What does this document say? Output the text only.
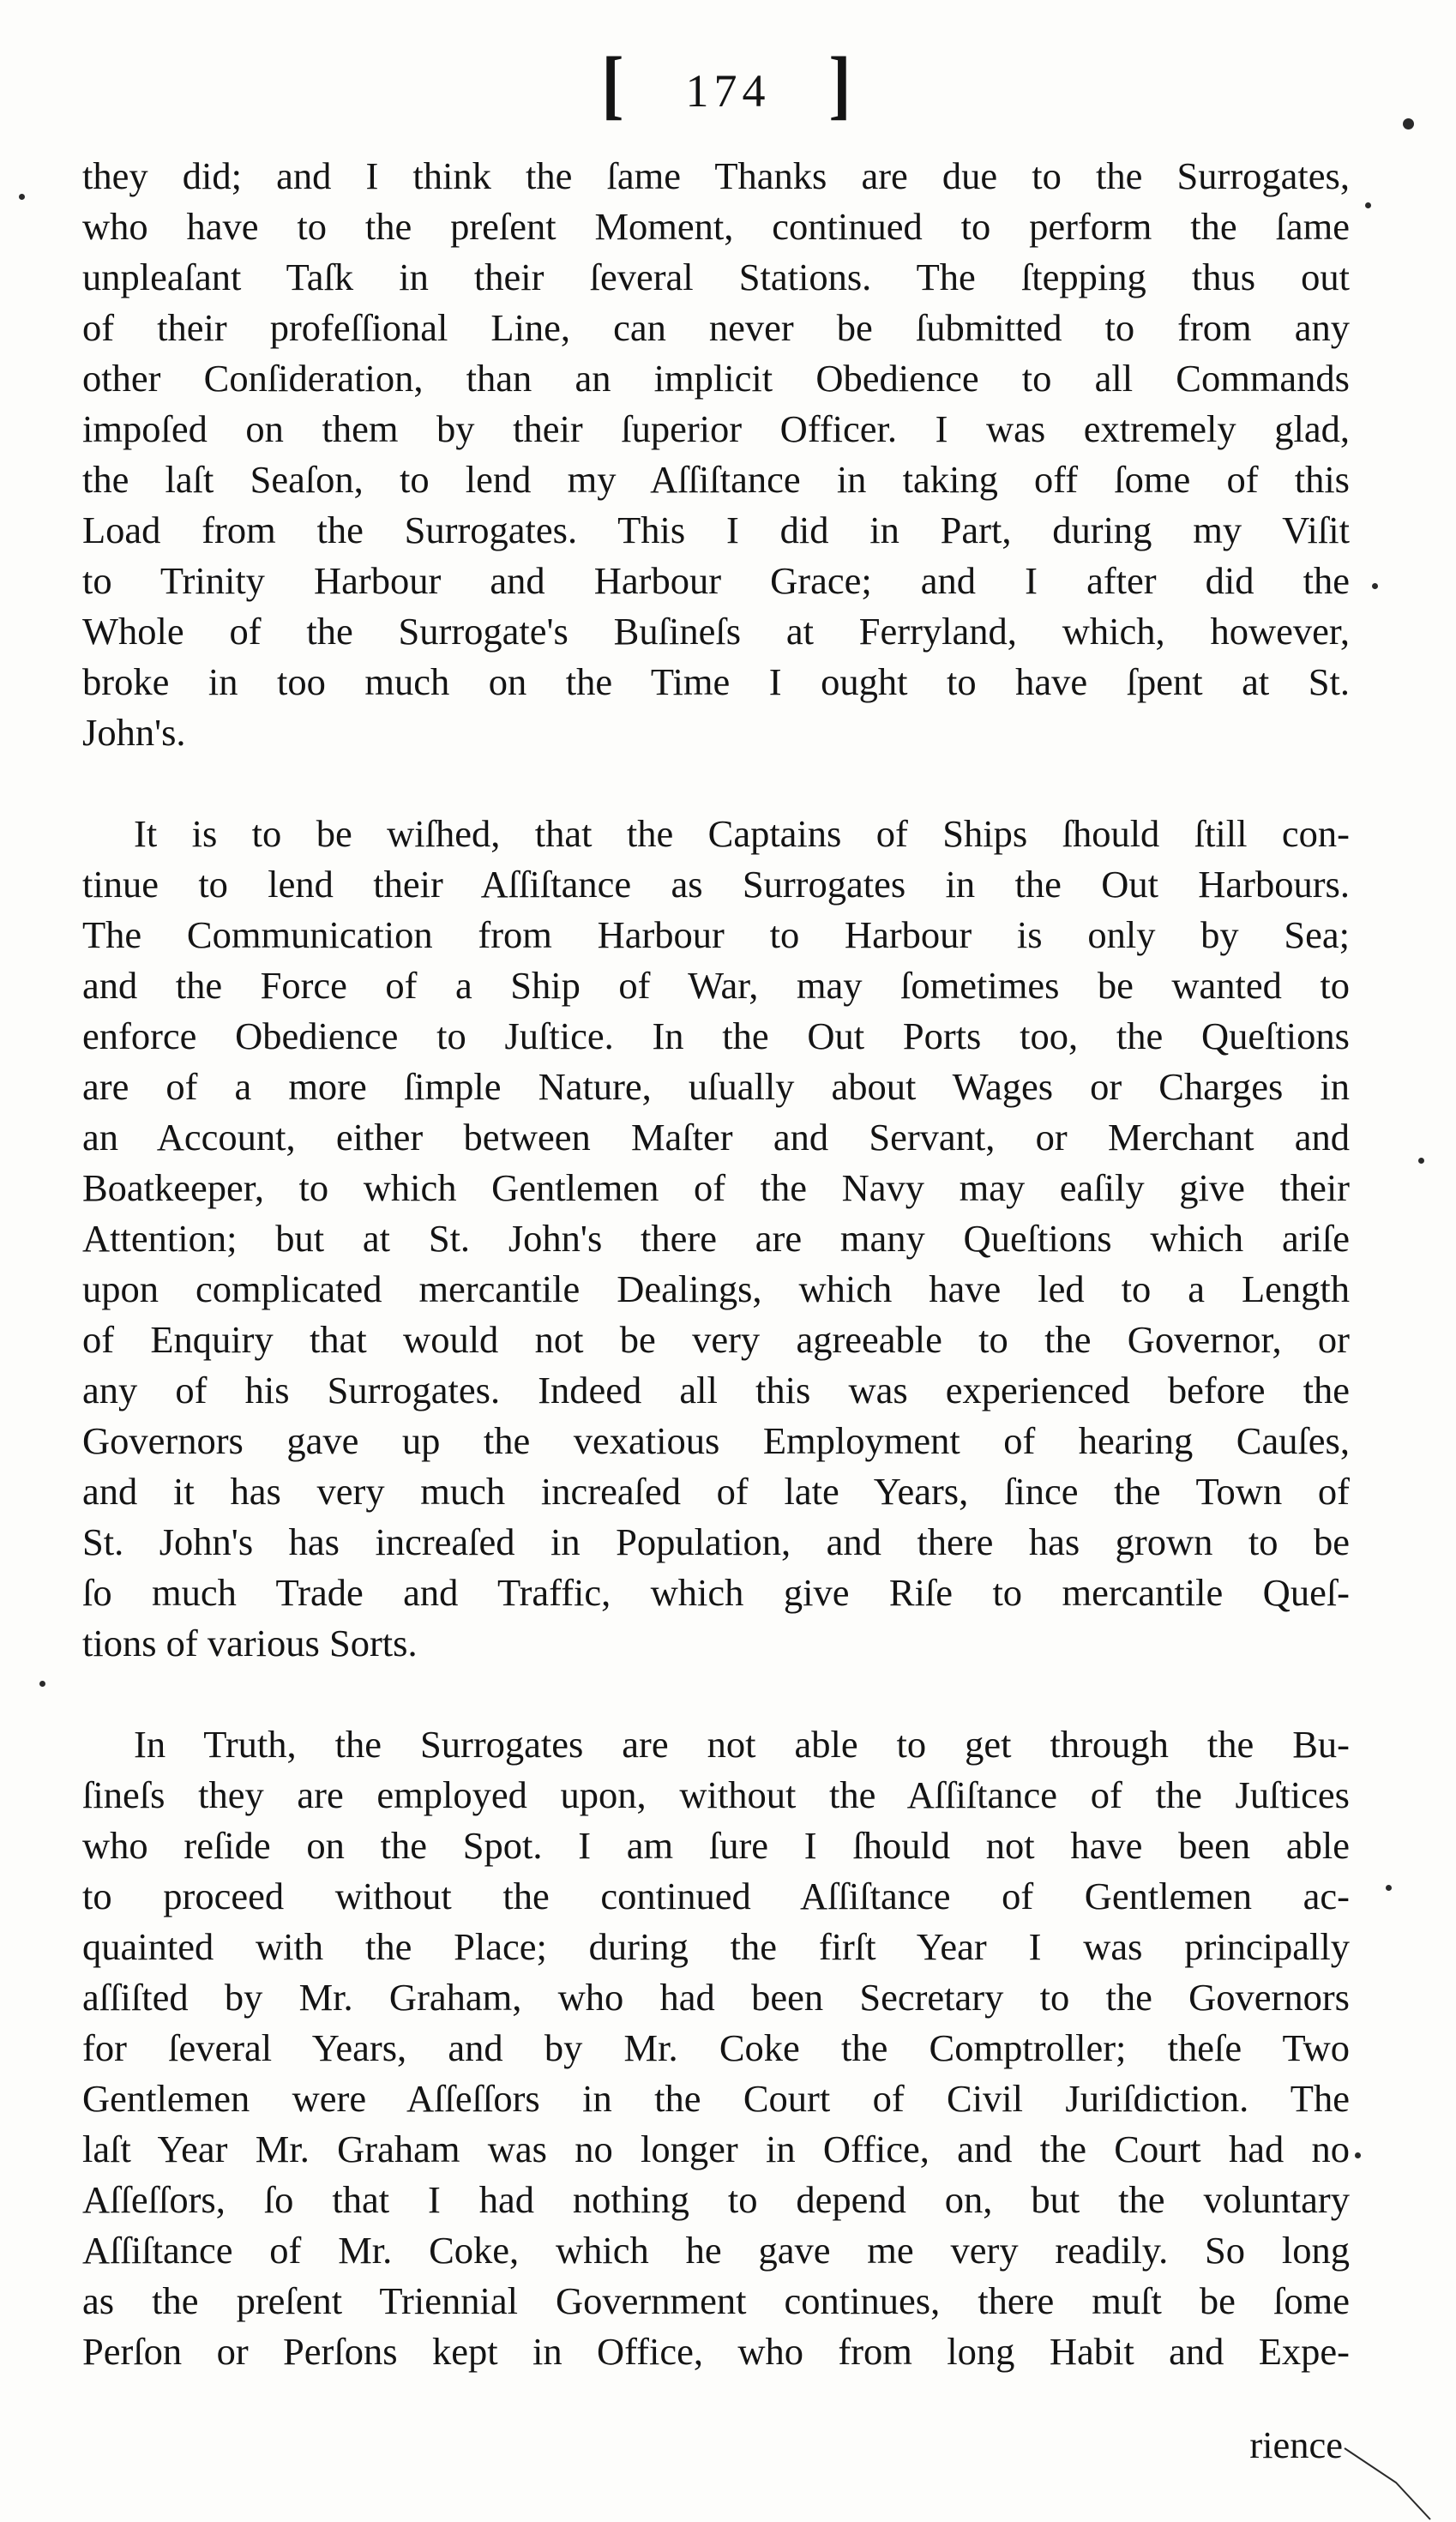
[ 174 ]
they did; and I think the ſame Thanks are due to the Surrogates,
who have to the preſent Moment, continued to perform the ſame
unpleaſant Taſk in their ſeveral Stations. The ſtepping thus out
of their profeſſional Line, can never be ſubmitted to from any
other Conſideration, than an implicit Obedience to all Commands
impoſed on them by their ſuperior Officer. I was extremely glad,
the laſt Seaſon, to lend my Aſſiſtance in taking off ſome of this
Load from the Surrogates. This I did in Part, during my Viſit
to Trinity Harbour and Harbour Grace; and I after did the
Whole of the Surrogate's Buſineſs at Ferryland, which, however,
broke in too much on the Time I ought to have ſpent at St.
John's.
It is to be wiſhed, that the Captains of Ships ſhould ſtill con-
tinue to lend their Aſſiſtance as Surrogates in the Out Harbours.
The Communication from Harbour to Harbour is only by Sea;
and the Force of a Ship of War, may ſometimes be wanted to
enforce Obedience to Juſtice. In the Out Ports too, the Queſtions
are of a more ſimple Nature, uſually about Wages or Charges in
an Account, either between Maſter and Servant, or Merchant and
Boatkeeper, to which Gentlemen of the Navy may eaſily give their
Attention; but at St. John's there are many Queſtions which ariſe
upon complicated mercantile Dealings, which have led to a Length
of Enquiry that would not be very agreeable to the Governor, or
any of his Surrogates. Indeed all this was experienced before the
Governors gave up the vexatious Employment of hearing Cauſes,
and it has very much increaſed of late Years, ſince the Town of
St. John's has increaſed in Population, and there has grown to be
ſo much Trade and Traffic, which give Riſe to mercantile Queſ-
tions of various Sorts.
In Truth, the Surrogates are not able to get through the Bu-
ſineſs they are employed upon, without the Aſſiſtance of the Juſtices
who reſide on the Spot. I am ſure I ſhould not have been able
to proceed without the continued Aſſiſtance of Gentlemen ac-
quainted with the Place; during the firſt Year I was principally
aſſiſted by Mr. Graham, who had been Secretary to the Governors
for ſeveral Years, and by Mr. Coke the Comptroller; theſe Two
Gentlemen were Aſſeſſors in the Court of Civil Juriſdiction. The
laſt Year Mr. Graham was no longer in Office, and the Court had no
Aſſeſſors, ſo that I had nothing to depend on, but the voluntary
Aſſiſtance of Mr. Coke, which he gave me very readily. So long
as the preſent Triennial Government continues, there muſt be ſome
Perſon or Perſons kept in Office, who from long Habit and Expe-
rience
